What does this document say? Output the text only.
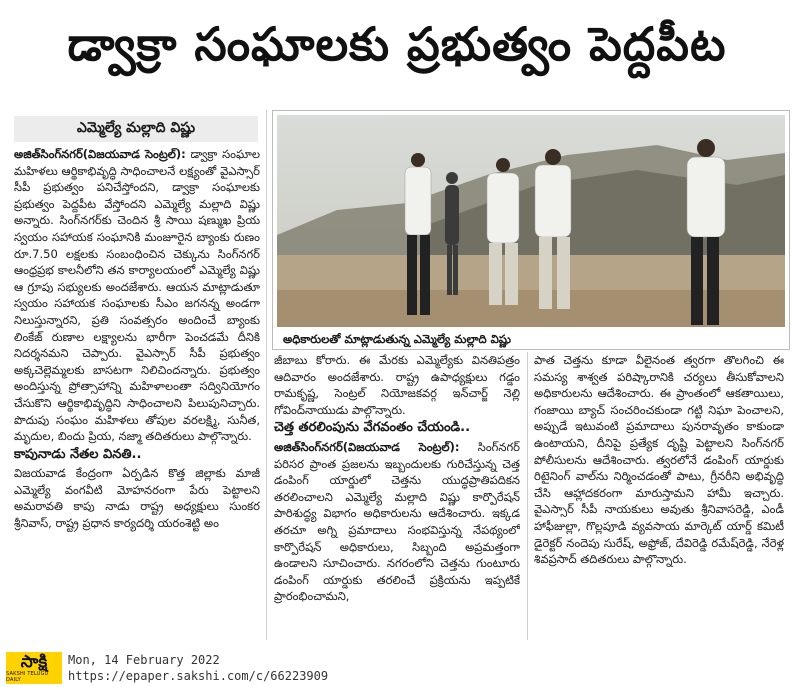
డ్వాక్రా సంఘాలకు ప్రభుత్వం పెద్దపీట
ఎమ్మెల్యే మల్లాది విష్ణు

అజిత్‌సింగ్‌నగర్(విజయవాడ సెంట్రల్): డ్వాక్రా సంఘాల మహిళలు ఆర్థికాభివృద్ధి సాధించాలనే లక్ష్యంతో వైఎస్సార్ సీపీ ప్రభుత్వం పనిచేస్తోందని, డ్వాక్రా సంఘాలకు ప్రభుత్వం పెద్దపీట వేస్తోందని ఎమ్మెల్యే మల్లాది విష్ణు అన్నారు. సింగ్‌నగర్‌కు చెందిన శ్రీ సాయి షణ్ముఖ ప్రియ స్వయం సహాయక సంఘానికి మంజూరైన బ్యాంకు రుణం రూ.7.50 లక్షలకు సంబంధించిన చెక్కును సింగ్‌నగర్ ఆంధ్రప్రభ కాలనీలోని తన కార్యాలయంలో ఎమ్మెల్యే విష్ణు ఆ గ్రూపు సభ్యులకు అందజేశారు. ఆయన మాట్లాడుతూ స్వయం సహాయక సంఘాలకు సీఎం జగనన్న అండగా నిలుస్తున్నారని, ప్రతి సంవత్సరం అందించే బ్యాంకు లింకేజ్ రుణాల లక్ష్యాలను భారీగా పెంచడమే దీనికి నిదర్శనమని చెప్పారు. వైఎస్సార్ సీపీ ప్రభుత్వం అక్కచెల్లెమ్మలకు బాసటగా నిలిచిందన్నారు. ప్రభుత్వం అందిస్తున్న ప్రోత్సాహాన్ని మహిళాలంతా సద్వినియోగం చేసుకొని ఆర్థికాభివృద్ధిని సాధించాలని పిలుపునిచ్చారు. పొదుపు సంఘం మహిళలు తోపుల వరలక్ష్మి, సునీత, మృదుల, బిందు ప్రియ, నజ్మా తదితరులు పాల్గొన్నారు.

కాపునాడు నేతల వినతి..

విజయవాడ కేంద్రంగా ఏర్పడిన కొత్త జిల్లాకు మాజీ ఎమ్మెల్యే వంగవీటి మోహనరంగా పేరు పెట్టాలని అమరావతి కాపు నాడు రాష్ట్ర అధ్యక్షులు సుంకర శ్రీనివాస్, రాష్ట్ర ప్రధాన కార్యదర్శి యరంశెట్టి అం

అధికారులతో మాట్లాడుతున్న ఎమ్మెల్యే మల్లాది విష్ణు

జీబాబు కోరారు. ఈ మేరకు ఎమ్మెల్యేకు వినతిపత్రం ఆదివారం అందజేశారు. రాష్ట్ర ఉపాధ్యక్షులు గడ్డం రామకృష్ణ, సెంట్రల్ నియోజకవర్గ ఇన్‌చార్జ్ నెల్లి గోవింద్‌నాయుడు పాల్గొన్నారు.

చెత్త తరలింపును వేగవంతం చేయండి..

అజిత్‌సింగ్‌నగర్(విజయవాడ సెంట్రల్): సింగ్‌నగర్ పరిసర ప్రాంత ప్రజలను ఇబ్బందులకు గురిచేస్తున్న చెత్త డంపింగ్ యార్డులో చెత్తను యుద్ధప్రాతిపదికన తరలించాలని ఎమ్మెల్యే మల్లాది విష్ణు కార్పొరేషన్ పారిశుద్ధ్య విభాగం అధికారులను ఆదేశించారు. ఇక్కడ తరచూ అగ్ని ప్రమాదాలు సంభవిస్తున్న నేపథ్యంలో కార్పొరేషన్ అధికారులు, సిబ్బంది అప్రమత్తంగా ఉండాలని సూచించారు. నగరంలోని చెత్తను గుంటూరు డంపింగ్ యార్డుకు తరలించే ప్రక్రియను ఇప్పటికే ప్రారంభించామని,

పాత చెత్తను కూడా వీలైనంత త్వరగా తొలగించి ఈ సమస్య శాశ్వత పరిష్కారానికి చర్యలు తీసుకోవాలని అధికారులను ఆదేశించారు. ఈ ప్రాంతంలో ఆకతాయిలు, గంజాయి బ్యాచ్ సంచరించకుండా గట్టి నిఘా పెంచాలని, అప్పుడే ఇటువంటి ప్రమాదాలు పునరావృతం కాకుండా ఉంటాయని, దీనిపై ప్రత్యేక దృష్టి పెట్టాలని సింగ్‌నగర్ పోలీసులను ఆదేశించారు. త్వరలోనే డంపింగ్ యార్డుకు రిటైనింగ్ వాల్‌ను నిర్మించడంతో పాటు, గ్రీనరీని అభివృద్ధి చేసి ఆహ్లాదకరంగా మారుస్తామని హామీ ఇచ్చారు. వైఎస్సార్ సీపీ నాయకులు అవుతు శ్రీనివాసరెడ్డి, ఎండీ హాఫీజుల్లా, గొల్లపూడి వ్యవసాయ మార్కెట్ యార్డ్ కమిటీ డైరెక్టర్ నందెపు సురేష్, అఫ్రోజ్, దేవిరెడ్డి రమేష్‌రెడ్డి, నేరెళ్ల శివప్రసాద్ తదితరులు పాల్గొన్నారు.

సాక్షి
SAKSHI TELUGU DAILY
Mon, 14 February 2022
https://epaper.sakshi.com/c/66223909
